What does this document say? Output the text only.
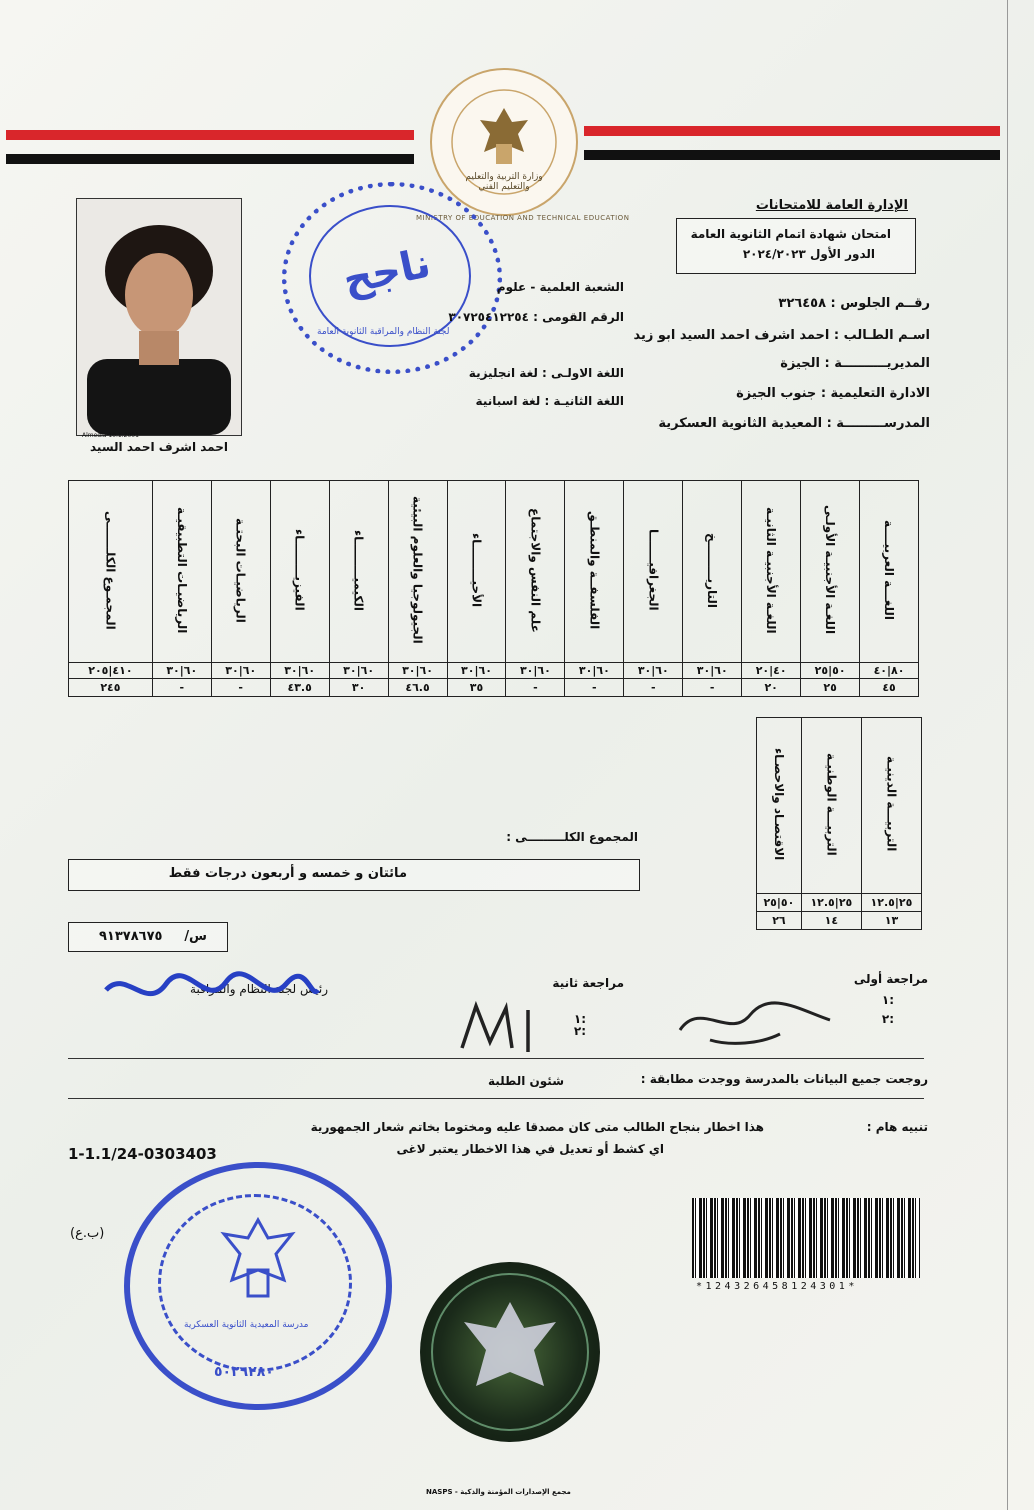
وزارة التربية والتعليم والتعليم الفني
MINISTRY OF EDUCATION AND TECHNICAL EDUCATION
الإدارة العامة للامتحانات
امتحان شهادة اتمام الثانوية العامة
الدور الأول ٢٠٢٤/٢٠٢٣
ناجح
لجنة النظام والمراقبة الثانوية العامة
Almedia 10.1.2001
احمد اشرف احمد السيد
رقــم الجلوس : ٣٢٦٤٥٨
اسـم الطـالب : احمد اشرف احمد السيد ابو زيد
المديريــــــــــة : الجيزة
الادارة التعليمية : جنوب الجيزة
المدرســـــــــة : المعيدية الثانوية العسكرية
الشعبة العلمية - علوم
الرقم القومى : ٣٠٧٢٥٤١٢٢٥٤
اللغة الاولـى : لغة انجليزية
اللغة الثانيـة : لغة اسبانية
اللغـــة العربيــــة	اللغـة الأجنبيـة الأولـى	اللغـة الأجنبيـة الثانيـة	التاريـــــــــخ	الجغرافيـــــــا	الفلسفــة والمنطـق	علم النفس والاجتماع	الأحيـــــــــاء	الجيولوجيا والعلوم البيئية	الكيميـــــــــاء	الفيزيـــــــــاء	الرياضيـات البحتـة	الرياضيـات التطبيقيـة	المجمـوع الكلـــــــى
٨٠|٤٠	٥٠|٢٥	٤٠|٢٠	٦٠|٣٠	٦٠|٣٠	٦٠|٣٠	٦٠|٣٠	٦٠|٣٠	٦٠|٣٠	٦٠|٣٠	٦٠|٣٠	٦٠|٣٠	٦٠|٣٠	٤١٠|٢٠٥
٤٥	٢٥	٢٠	-	-	-	-	٣٥	٤٦.٥	٣٠	٤٣.٥	-	-	٢٤٥
التربيـــة الدينيـة	التربيـــة الوطنيـة	الاقتصـاد والاحصـاء
٢٥|١٢.٥	٢٥|١٢.٥	٥٠|٢٥
١٣	١٤	٢٦
المجموع الكلـــــــــى :
مائتان و خمسه و أربعون درجات فقط
٩١٣٧٨٦٧٥ س/
مراجعة أولى
١:
٢:
مراجعة ثانية
١:
٢:
رئيس لجنة النظام والمراقبة
روجعت جميع البيانات بالمدرسة ووجدت مطابقة :
شئون الطلبة
تنبيه هام :
هذا اخطار بنجاح الطالب متى كان مصدقا عليه ومختوما بخاتم شعار الجمهورية
اي كشط أو تعديل في هذا الاخطار يعتبر لاغى
1-1.1/24-0303403
(ب.ع)
*124326458124301*
مدرسة المعيدية الثانوية العسكرية
٥٠٢٦٢٨٠
مجمع الإصدارات المؤمنة والذكية - NASPS
